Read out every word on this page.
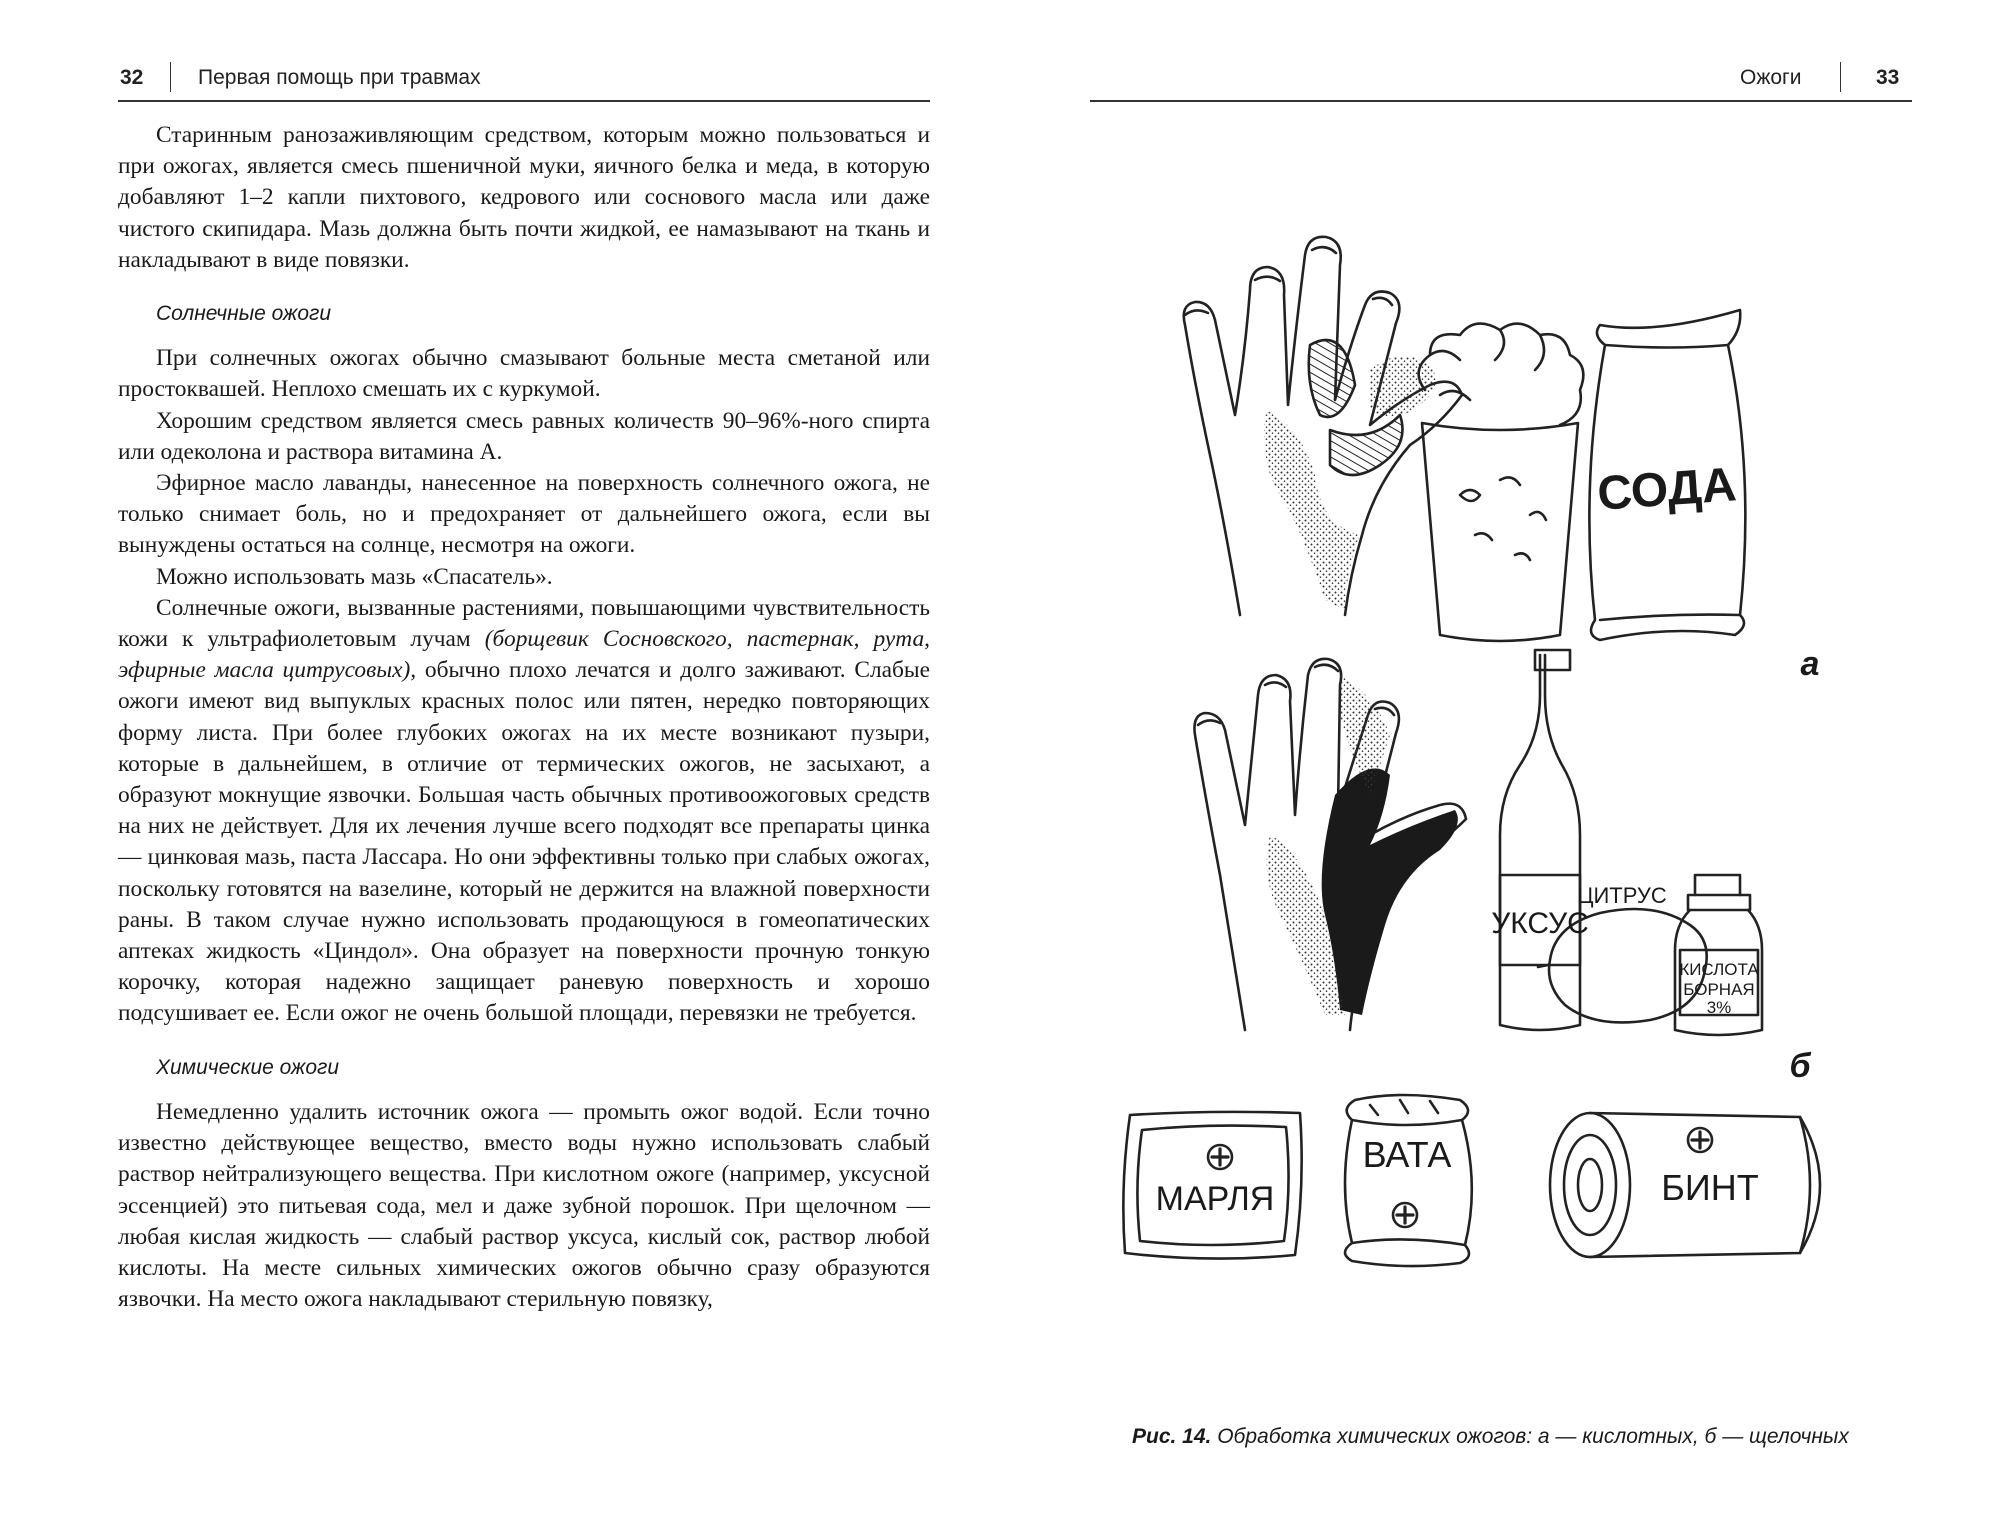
32	Первая помощь при травмах

Старинным ранозаживляющим средством, которым можно пользоваться и при ожогах, является смесь пшеничной муки, яичного белка и меда, в которую добавляют 1–2 капли пихтового, кедрового или соснового масла или даже чистого скипидара. Мазь должна быть почти жидкой, ее намазывают на ткань и накладывают в виде повязки.

Солнечные ожоги

При солнечных ожогах обычно смазывают больные места сметаной или простоквашей. Неплохо смешать их с куркумой.

Хорошим средством является смесь равных количеств 90–96%-ного спирта или одеколона и раствора витамина А.

Эфирное масло лаванды, нанесенное на поверхность солнечного ожога, не только снимает боль, но и предохраняет от дальнейшего ожога, если вы вынуждены остаться на солнце, несмотря на ожоги.

Можно использовать мазь «Спасатель».

Солнечные ожоги, вызванные растениями, повышающими чувствительность кожи к ультрафиолетовым лучам (борщевик Сосновского, пастернак, рута, эфирные масла цитрусовых), обычно плохо лечатся и долго заживают. Слабые ожоги имеют вид выпуклых красных полос или пятен, нередко повторяющих форму листа. При более глубоких ожогах на их месте возникают пузыри, которые в дальнейшем, в отличие от термических ожогов, не засыхают, а образуют мокнущие язвочки. Большая часть обычных противоожоговых средств на них не действует. Для их лечения лучше всего подходят все препараты цинка — цинковая мазь, паста Лассара. Но они эффективны только при слабых ожогах, поскольку готовятся на вазелине, который не держится на влажной поверхности раны. В таком случае нужно использовать продающуюся в гомеопатических аптеках жидкость «Циндол». Она образует на поверхности прочную тонкую корочку, которая надежно защищает раневую поверхность и хорошо подсушивает ее. Если ожог не очень большой площади, перевязки не требуется.

Химические ожоги

Немедленно удалить источник ожога — промыть ожог водой. Если точно известно действующее вещество, вместо воды нужно использовать слабый раствор нейтрализующего вещества. При кислотном ожоге (например, уксусной эссенцией) это питьевая сода, мел и даже зубной порошок. При щелочном — любая кислая жидкость — слабый раствор уксуса, кислый сок, раствор любой кислоты. На месте сильных химических ожогов обычно сразу образуются язвочки. На место ожога накладывают стерильную повязку,

Ожоги	33
СОДА
а
УКСУС
ЦИТРУС
КИСЛОТА
БОРНАЯ
3%
б
МАРЛЯ
ВАТА
БИНТ
Рис. 14. Обработка химических ожогов: а — кислотных, б — щелочных
